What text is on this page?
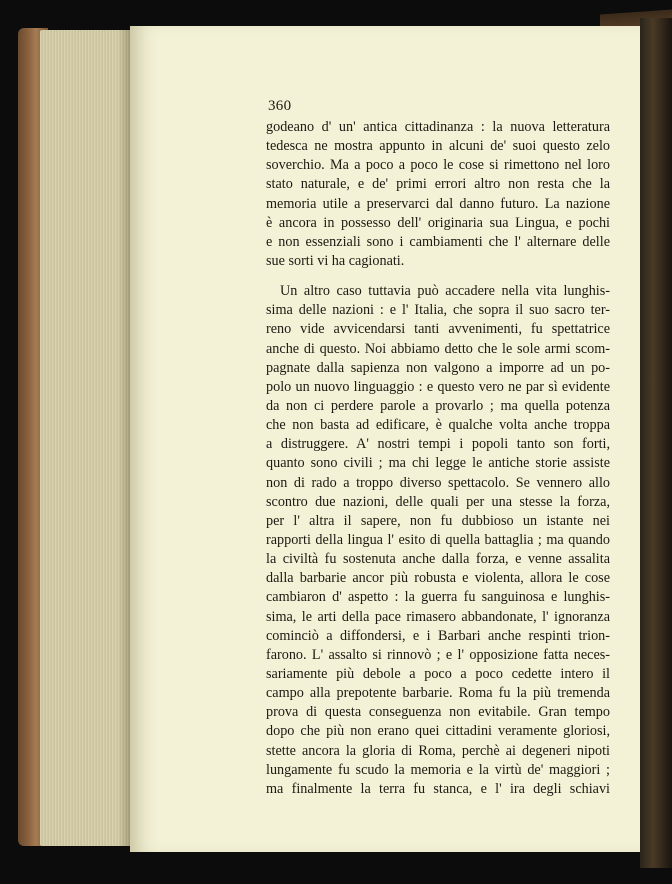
360
godeano d' un' antica cittadinanza : la nuova letteratura
tedesca ne mostra appunto in alcuni de' suoi questo zelo
soverchio. Ma a poco a poco le cose si rimettono nel loro
stato naturale, e de' primi errori altro non resta che la
memoria utile a preservarci dal danno futuro. La nazione
è ancora in possesso dell' originaria sua Lingua, e pochi
e non essenziali sono i cambiamenti che l' alternare delle
sue sorti vi ha cagionati.
Un altro caso tuttavia può accadere nella vita lunghis-
sima delle nazioni : e l' Italia, che sopra il suo sacro ter-
reno vide avvicendarsi tanti avvenimenti, fu spettatrice
anche di questo. Noi abbiamo detto che le sole armi scom-
pagnate dalla sapienza non valgono a imporre ad un po-
polo un nuovo linguaggio : e questo vero ne par sì evidente
da non ci perdere parole a provarlo ; ma quella potenza
che non basta ad edificare, è qualche volta anche troppa
a distruggere. A' nostri tempi i popoli tanto son forti,
quanto sono civili ; ma chi legge le antiche storie assiste
non di rado a troppo diverso spettacolo. Se vennero allo
scontro due nazioni, delle quali per una stesse la forza,
per l' altra il sapere, non fu dubbioso un istante nei
rapporti della lingua l' esito di quella battaglia ; ma quando
la civiltà fu sostenuta anche dalla forza, e venne assalita
dalla barbarie ancor più robusta e violenta, allora le cose
cambiaron d' aspetto : la guerra fu sanguinosa e lunghis-
sima, le arti della pace rimasero abbandonate, l' ignoranza
cominciò a diffondersi, e i Barbari anche respinti trion-
farono. L' assalto si rinnovò ; e l' opposizione fatta neces-
sariamente più debole a poco a poco cedette intero il
campo alla prepotente barbarie. Roma fu la più tremenda
prova di questa conseguenza non evitabile. Gran tempo
dopo che più non erano quei cittadini veramente gloriosi,
stette ancora la gloria di Roma, perchè ai degeneri nipoti
lungamente fu scudo la memoria e la virtù de' maggiori ;
ma finalmente la terra fu stanca, e l' ira degli schiavi
